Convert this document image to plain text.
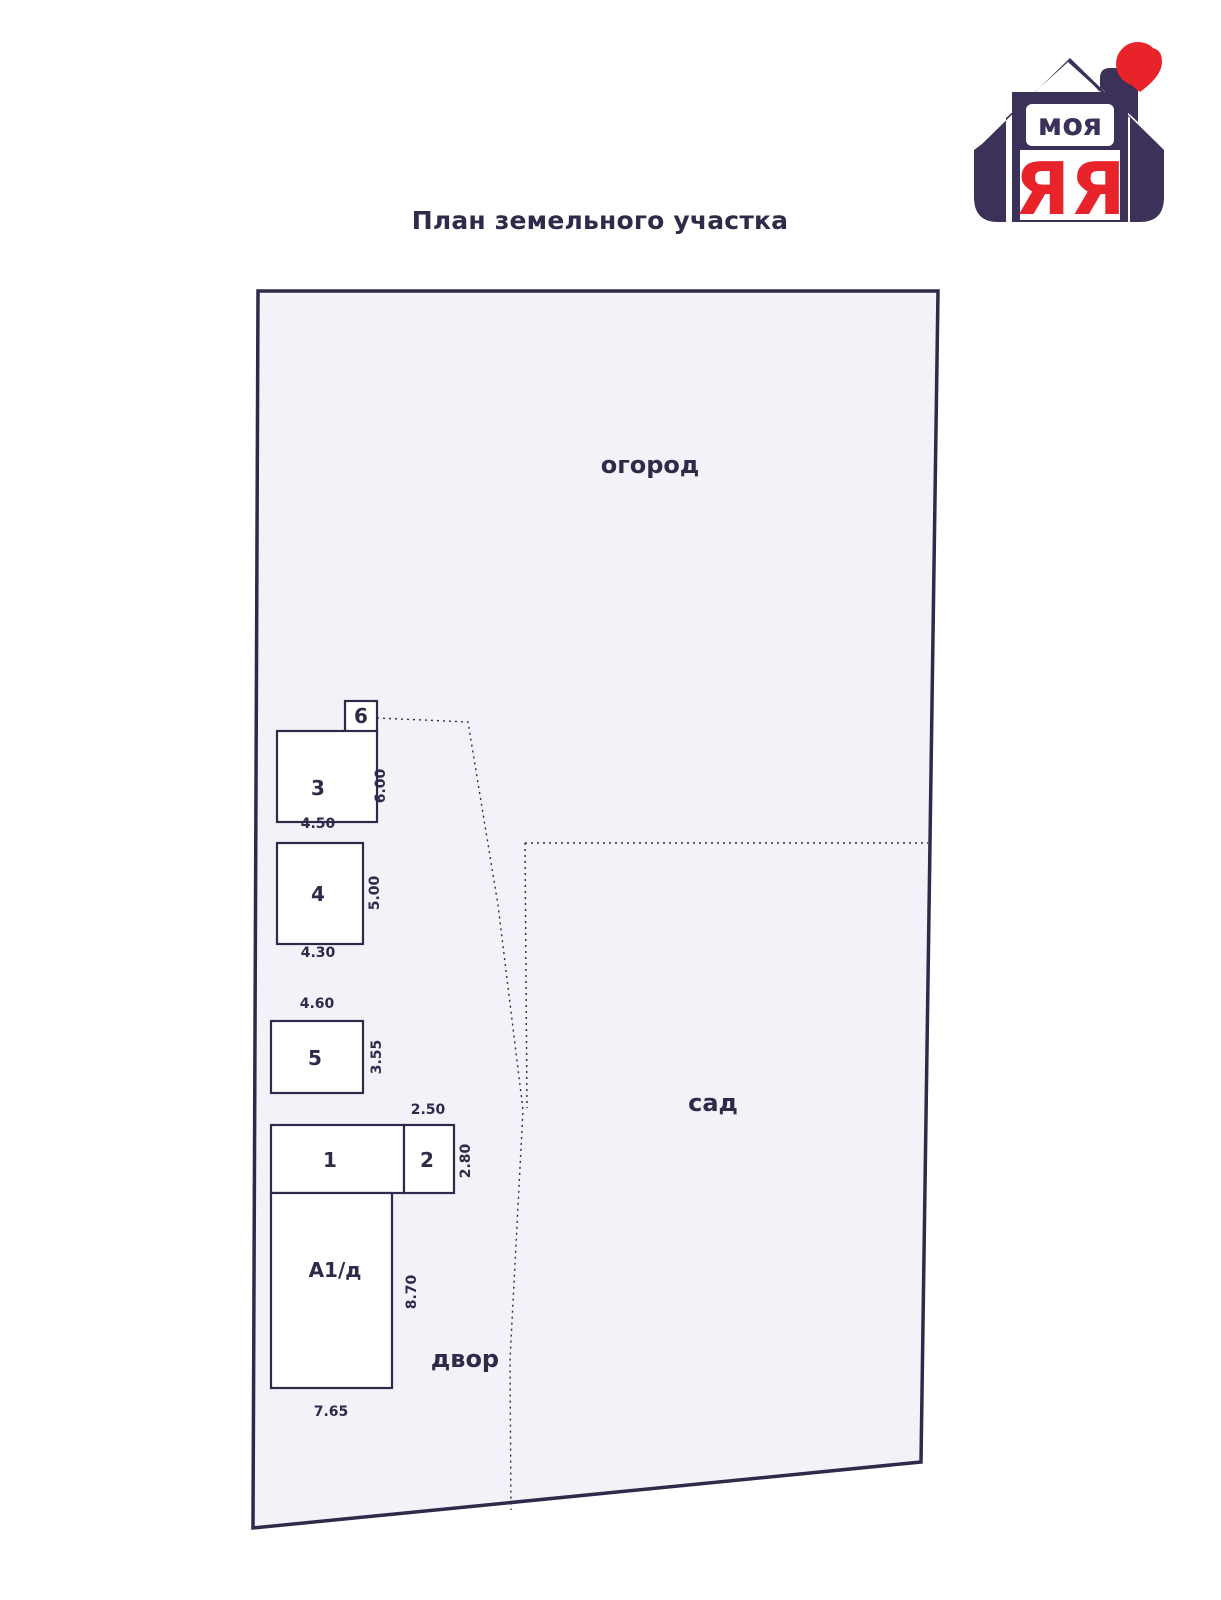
План земельного участка
моя
ЯЯ
огород
сад
двор
6
3
4
5
1	2
А1/д
6.00
4.50
5.00
4.30
4.60
3.55
2.50
2.80
8.70
7.65
